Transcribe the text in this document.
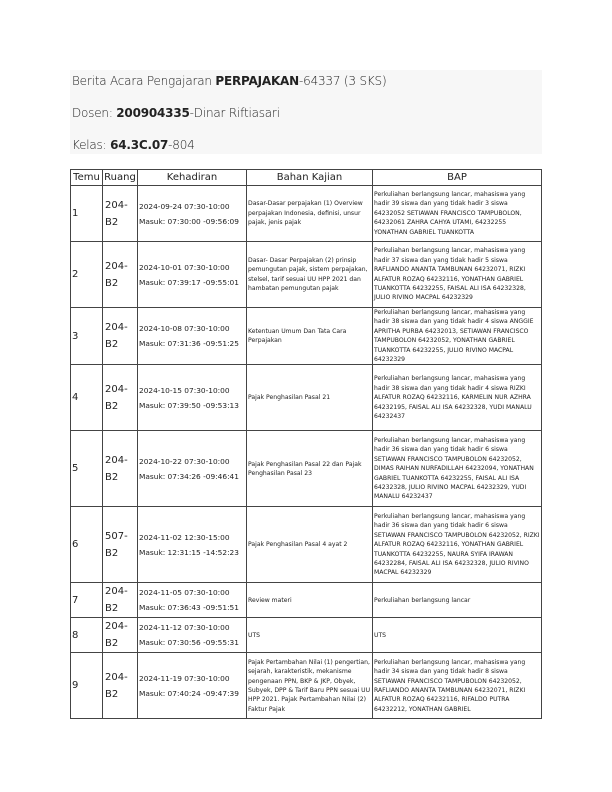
Berita Acara Pengajaran PERPAJAKAN-64337 (3 SKS)
Dosen: 200904335-Dinar Riftiasari
Kelas: 64.3C.07-804
Temu	Ruang	Kehadiran	Bahan Kajian	BAP
1	204-B2	2024-09-24 07:30-10:00
Masuk: 07:30:00 -09:56:09	Dasar-Dasar perpajakan (1) Overview perpajakan Indonesia, definisi, unsur pajak, jenis pajak	Perkuliahan berlangsung lancar, mahasiswa yang hadir 39 siswa dan yang tidak hadir 3 siswa 64232052 SETIAWAN FRANCISCO TAMPUBOLON, 64232061 ZAHRA CAHYA UTAMI, 64232255 YONATHAN GABRIEL TUANKOTTA
2	204-B2	2024-10-01 07:30-10:00
Masuk: 07:39:17 -09:55:01	Dasar- Dasar Perpajakan (2) prinsip pemungutan pajak, sistem perpajakan, stelsel, tarif sesuai UU HPP 2021 dan hambatan pemungutan pajak	Perkuliahan berlangsung lancar, mahasiswa yang hadir 37 siswa dan yang tidak hadir 5 siswa RAFLIANDO ANANTA TAMBUNAN 64232071, RIZKI ALFATUR ROZAQ 64232116, YONATHAN GABRIEL TUANKOTTA 64232255, FAISAL ALI ISA 64232328, JULIO RIVINO MACPAL 64232329
3	204-B2	2024-10-08 07:30-10:00
Masuk: 07:31:36 -09:51:25	Ketentuan Umum Dan Tata Cara Perpajakan	Perkuliahan berlangsung lancar, mahasiswa yang hadir 38 siswa dan yang tidak hadir 4 siswa ANGGIE APRITHA PURBA 64232013, SETIAWAN FRANCISCO TAMPUBOLON 64232052, YONATHAN GABRIEL TUANKOTTA 64232255, JULIO RIVINO MACPAL 64232329
4	204-B2	2024-10-15 07:30-10:00
Masuk: 07:39:50 -09:53:13	Pajak Penghasilan Pasal 21	Perkuliahan berlangsung lancar, mahasiswa yang hadir 38 siswa dan yang tidak hadir 4 siswa RIZKI ALFATUR ROZAQ 64232116, KARMELIN NUR AZHRA 64232195, FAISAL ALI ISA 64232328, YUDI MANALU 64232437
5	204-B2	2024-10-22 07:30-10:00
Masuk: 07:34:26 -09:46:41	Pajak Penghasilan Pasal 22 dan Pajak Penghasilan Pasal 23	Perkuliahan berlangsung lancar, mahasiswa yang hadir 36 siswa dan yang tidak hadir 6 siswa SETIAWAN FRANCISCO TAMPUBOLON 64232052, DIMAS RAIHAN NURFADILLAH 64232094, YONATHAN GABRIEL TUANKOTTA 64232255, FAISAL ALI ISA 64232328, JULIO RIVINO MACPAL 64232329, YUDI MANALU 64232437
6	507-B2	2024-11-02 12:30-15:00
Masuk: 12:31:15 -14:52:23	Pajak Penghasilan Pasal 4 ayat 2	Perkuliahan berlangsung lancar, mahasiswa yang hadir 36 siswa dan yang tidak hadir 6 siswa SETIAWAN FRANCISCO TAMPUBOLON 64232052, RIZKI ALFATUR ROZAQ 64232116, YONATHAN GABRIEL TUANKOTTA 64232255, NAURA SYIFA IRAWAN 64232284, FAISAL ALI ISA 64232328, JULIO RIVINO MACPAL 64232329
7	204-B2	2024-11-05 07:30-10:00
Masuk: 07:36:43 -09:51:51	Review materi	Perkuliahan berlangsung lancar
8	204-B2	2024-11-12 07:30-10:00
Masuk: 07:30:56 -09:55:31	UTS	UTS
9	204-B2	2024-11-19 07:30-10:00
Masuk: 07:40:24 -09:47:39	Pajak Pertambahan Nilai (1) pengertian, sejarah, karakteristik, mekanisme pengenaan PPN, BKP & JKP, Obyek, Subyek, DPP & Tarif Baru PPN sesuai UU HPP 2021. Pajak Pertambahan Nilai (2) Faktur Pajak	Perkuliahan berlangsung lancar, mahasiswa yang hadir 34 siswa dan yang tidak hadir 8 siswa SETIAWAN FRANCISCO TAMPUBOLON 64232052, RAFLIANDO ANANTA TAMBUNAN 64232071, RIZKI ALFATUR ROZAQ 64232116, RIFALDO PUTRA 64232212, YONATHAN GABRIEL
